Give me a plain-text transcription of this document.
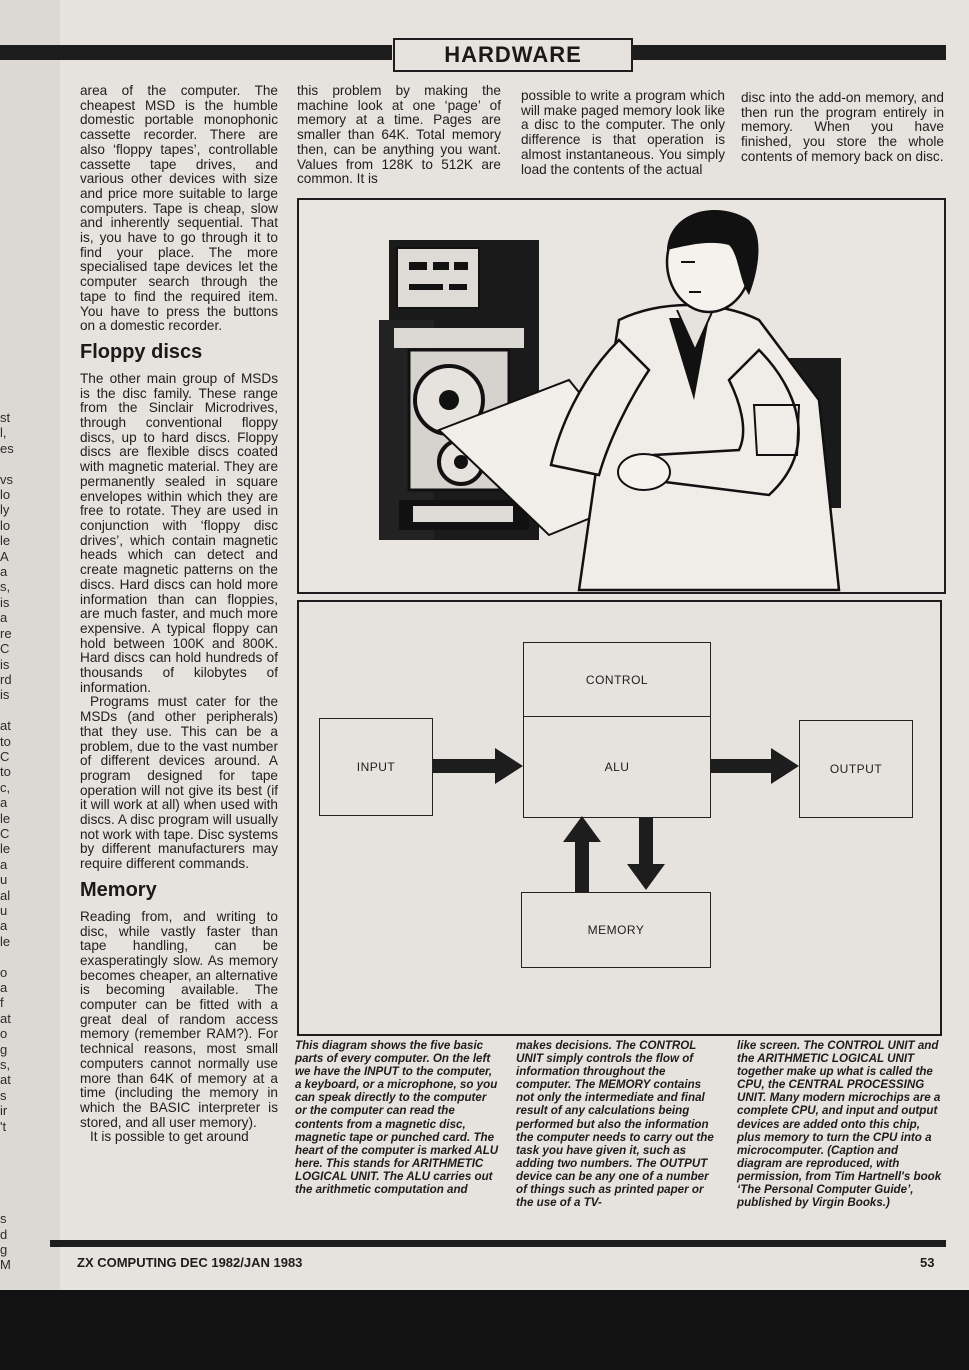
st
l,
es

vs
lo
ly
lo
le
A
a
s,
is
a
re
C
is
rd
is

at
to
C
to
c,
a
le
C
le
a
u
al
u
a
le

o
a
f
at
o
g
s,
at
s
ir
't

s
d
g
M

HARDWARE

area of the computer. The cheapest MSD is the humble domestic portable monophonic cassette recorder. There are also ‘floppy tapes’, controllable cassette tape drives, and various other devices with size and price more suitable to large computers. Tape is cheap, slow and inherently sequential. That is, you have to go through it to find your place. The more specialised tape devices let the computer search through the tape to find the required item. You have to press the buttons on a domestic recorder.

Floppy discs

The other main group of MSDs is the disc family. These range from the Sinclair Microdrives, through conventional floppy discs, up to hard discs. Floppy discs are flexible discs coated with magnetic material. They are permanently sealed in square envelopes within which they are free to rotate. They are used in conjunction with ‘floppy disc drives’, which contain magnetic heads which can detect and create magnetic patterns on the discs. Hard discs can hold more information than can floppies, are much faster, and much more expensive. A typical floppy can hold between 100K and 800K. Hard discs can hold hundreds of thousands of kilobytes of information.

Programs must cater for the MSDs (and other peripherals) that they use. This can be a problem, due to the vast number of different devices around. A program designed for tape operation will not give its best (if it will work at all) when used with discs. A disc program will usually not work with tape. Disc systems by different manufacturers may require different commands.

Memory

Reading from, and writing to disc, while vastly faster than tape handling, can be exasperatingly slow. As memory becomes cheaper, an alternative is becoming available. The computer can be fitted with a great deal of random access memory (remember RAM?). For technical reasons, most small computers cannot normally use more than 64K of memory at a time (including the memory in which the BASIC interpreter is stored, and all user memory).

It is possible to get around

this problem by making the machine look at one ‘page’ of memory at a time. Pages are smaller than 64K. Total memory then, can be anything you want. Values from 128K to 512K are common. It is
possible to write a program which will make paged memory look like a disc to the computer. The only difference is that operation is almost instantaneous. You simply load the contents of the actual
disc into the add-on memory, and then run the program entirely in memory. When you have finished, you store the whole contents of memory back on disc.
INPUT
CONTROL
ALU	OUTPUT
MEMORY
This diagram shows the five basic parts of every computer. On the left we have the INPUT to the computer, a keyboard, or a microphone, so you can speak directly to the computer or the computer can read the contents from a magnetic disc, magnetic tape or punched card. The heart of the computer is marked ALU here. This stands for ARITHMETIC LOGICAL UNIT. The ALU carries out the arithmetic computation and
makes decisions. The CONTROL UNIT simply controls the flow of information throughout the computer. The MEMORY contains not only the intermediate and final result of any calculations being performed but also the information the computer needs to carry out the task you have given it, such as adding two numbers. The OUTPUT device can be any one of a number of things such as printed paper or the use of a TV-
like screen. The CONTROL UNIT and the ARITHMETIC LOGICAL UNIT together make up what is called the CPU, the CENTRAL PROCESSING UNIT. Many modern microchips are a complete CPU, and input and output devices are added onto this chip, plus memory to turn the CPU into a microcomputer. (Caption and diagram are reproduced, with permission, from Tim Hartnell's book ‘The Personal Computer Guide’, published by Virgin Books.)
ZX COMPUTING DEC 1982/JAN 1983	53
